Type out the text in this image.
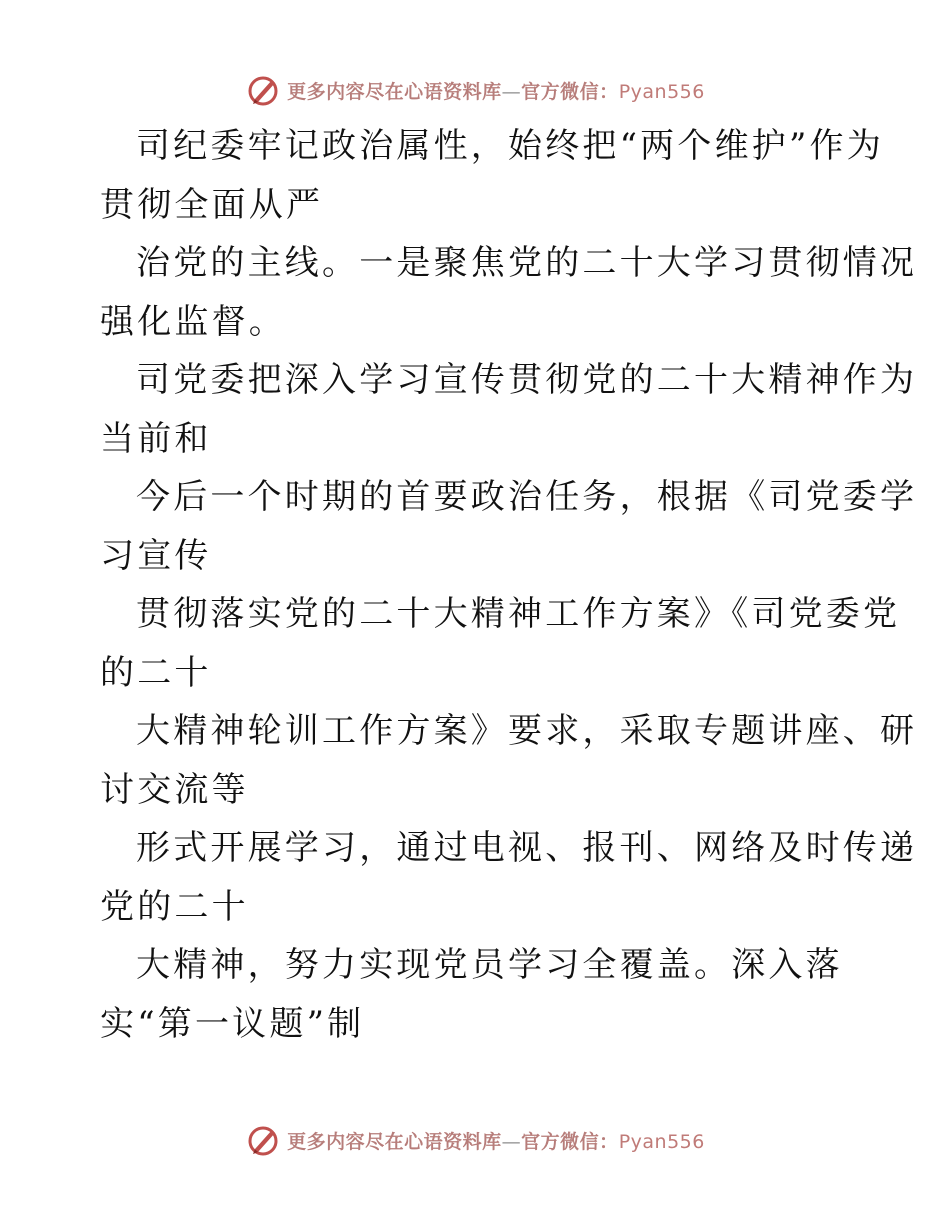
更多内容尽在心语资料库—官方微信：Pyan556
司纪委牢记政治属性，始终把“两个维护”作为
贯彻全面从严
治党的主线。一是聚焦党的二十大学习贯彻情况
强化监督。
司党委把深入学习宣传贯彻党的二十大精神作为
当前和
今后一个时期的首要政治任务，根据《司党委学
习宣传
贯彻落实党的二十大精神工作方案》《司党委党
的二十
大精神轮训工作方案》要求，采取专题讲座、研
讨交流等
形式开展学习，通过电视、报刊、网络及时传递
党的二十
大精神，努力实现党员学习全覆盖。深入落
实“第一议题”制
更多内容尽在心语资料库—官方微信：Pyan556
